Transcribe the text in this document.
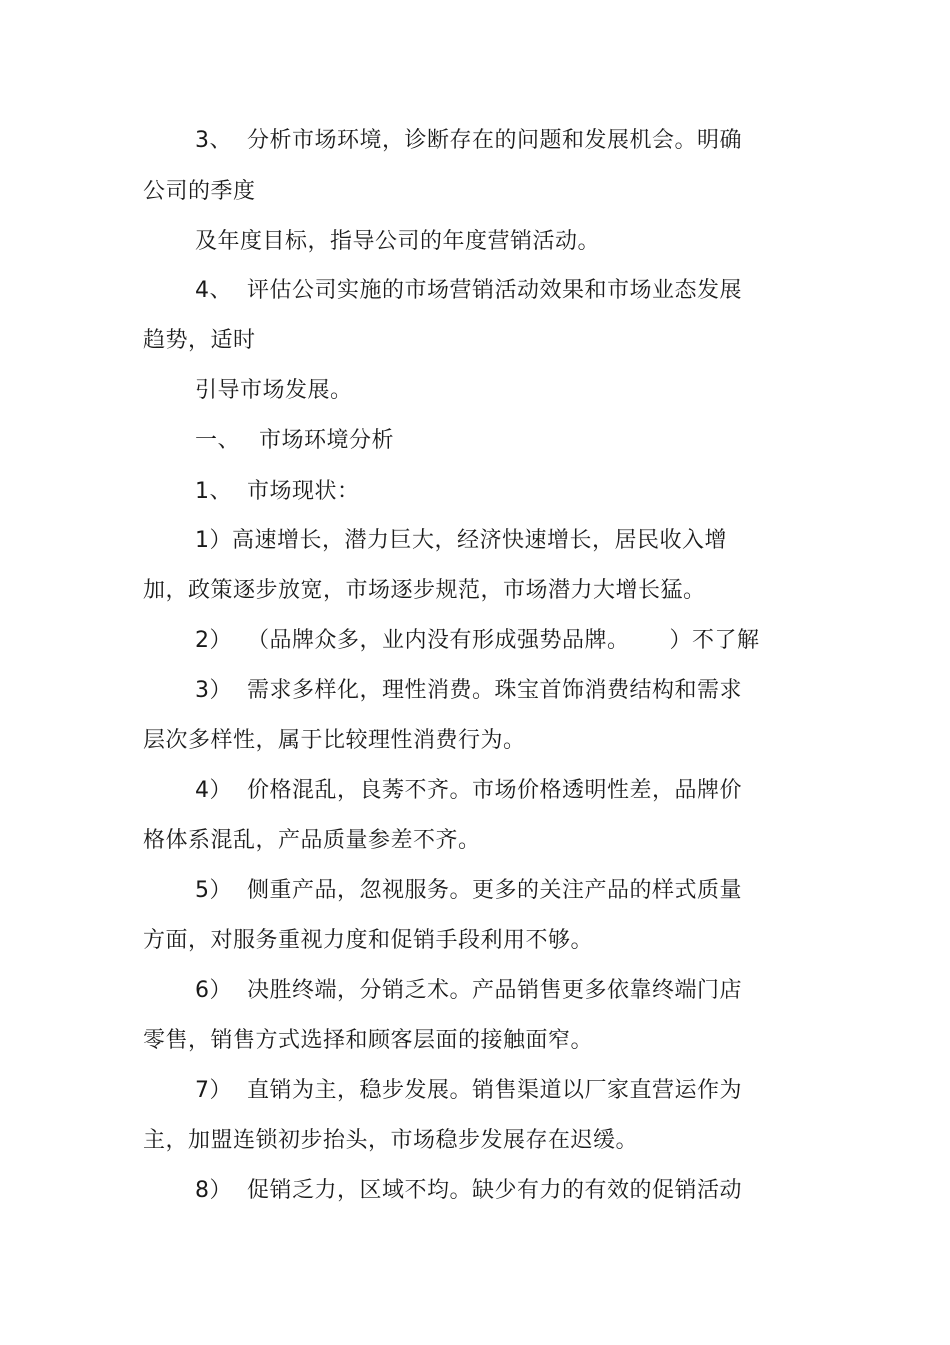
3、 分析市场环境，诊断存在的问题和发展机会。明确
公司的季度
及年度目标，指导公司的年度营销活动。
4、 评估公司实施的市场营销活动效果和市场业态发展
趋势，适时
引导市场发展。
一、 市场环境分析
1、 市场现状：
1）高速增长，潜力巨大，经济快速增长，居民收入增
加，政策逐步放宽，市场逐步规范，市场潜力大增长猛。
2） （品牌众多，业内没有形成强势品牌。 ）不了解
3） 需求多样化，理性消费。珠宝首饰消费结构和需求
层次多样性，属于比较理性消费行为。
4） 价格混乱，良莠不齐。市场价格透明性差，品牌价
格体系混乱，产品质量参差不齐。
5） 侧重产品，忽视服务。更多的关注产品的样式质量
方面，对服务重视力度和促销手段利用不够。
6） 决胜终端，分销乏术。产品销售更多依靠终端门店
零售，销售方式选择和顾客层面的接触面窄。
7） 直销为主，稳步发展。销售渠道以厂家直营运作为
主，加盟连锁初步抬头，市场稳步发展存在迟缓。
8） 促销乏力，区域不均。缺少有力的有效的促销活动
